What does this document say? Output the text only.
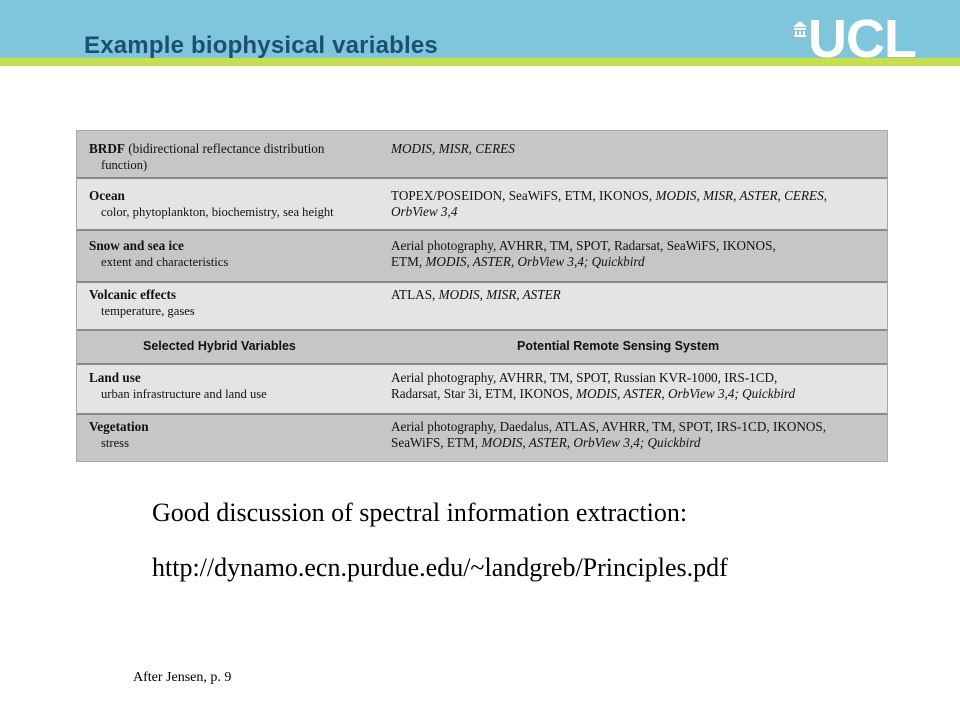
Example biophysical variables	UCL
BRDF (bidirectional reflectance distribution
function)
MODIS, MISR, CERES
Ocean
color, phytoplankton, biochemistry, sea height
TOPEX/POSEIDON, SeaWiFS, ETM, IKONOS, MODIS, MISR, ASTER, CERES,
OrbView 3,4
Snow and sea ice
extent and characteristics
Aerial photography, AVHRR, TM, SPOT, Radarsat, SeaWiFS, IKONOS,
ETM, MODIS, ASTER, OrbView 3,4; Quickbird
Volcanic effects
temperature, gases
ATLAS, MODIS, MISR, ASTER
Selected Hybrid Variables	Potential Remote Sensing System
Land use
urban infrastructure and land use
Aerial photography, AVHRR, TM, SPOT, Russian KVR-1000, IRS-1CD,
Radarsat, Star 3i, ETM, IKONOS, MODIS, ASTER, OrbView 3,4; Quickbird
Vegetation
stress
Aerial photography, Daedalus, ATLAS, AVHRR, TM, SPOT, IRS-1CD, IKONOS,
SeaWiFS, ETM, MODIS, ASTER, OrbView 3,4; Quickbird
Good discussion of spectral information extraction:
http://dynamo.ecn.purdue.edu/~landgreb/Principles.pdf
After Jensen, p. 9
